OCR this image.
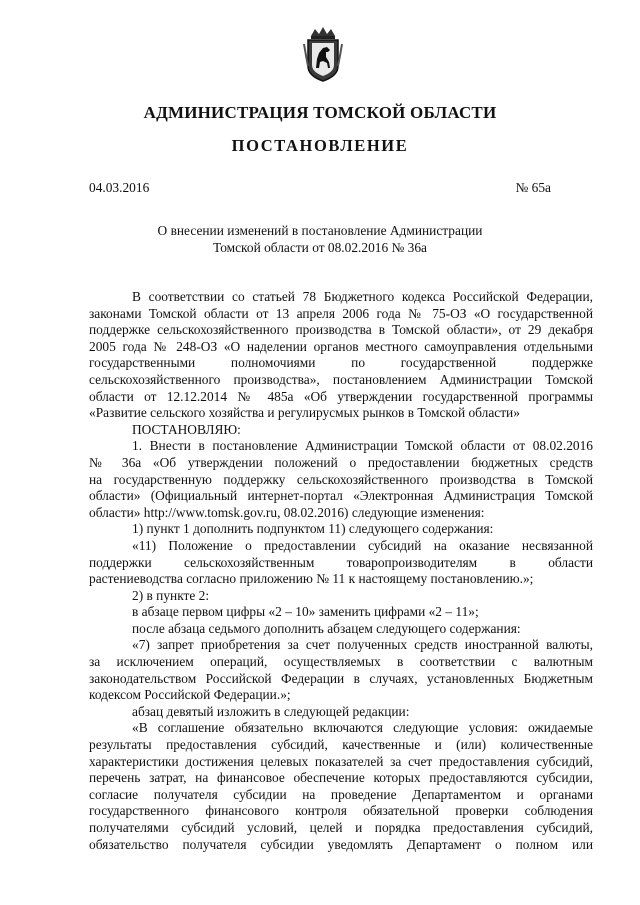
АДМИНИСТРАЦИЯ ТОМСКОЙ ОБЛАСТИ
ПОСТАНОВЛЕНИЕ
04.03.2016	№ 65а
О внесении изменений в постановление Администрации
Томской области от 08.02.2016 № 36а

В соответствии со статьей 78 Бюджетного кодекса Российской Федерации,

законами Томской области от 13 апреля 2006 года № 75-ОЗ «О государственной

поддержке сельскохозяйственного производства в Томской области», от 29 декабря

2005 года № 248-ОЗ «О наделении органов местного самоуправления отдельными

государственными полномочиями по государственной поддержке

сельскохозяйственного производства», постановлением Администрации Томской

области от 12.12.2014 № 485а «Об утверждении государственной программы

«Развитие сельского хозяйства и регулирусмых рынков в Томской области»

ПОСТАНОВЛЯЮ:

1. Внести в постановление Администрации Томской области от 08.02.2016

№ 36а «Об утверждении положений о предоставлении бюджетных средств

на государственную поддержку сельскохозяйственного производства в Томской

области» (Официальный интернет-портал «Электронная Администрация Томской

области» http://www.tomsk.gov.ru, 08.02.2016) следующие изменения:

1) пункт 1 дополнить подпунктом 11) следующего содержания:

«11) Положение о предоставлении субсидий на оказание несвязанной

поддержки сельскохозяйственным товаропроизводителям в области

растениеводства согласно приложению № 11 к настоящему постановлению.»;

2) в пункте 2:

в абзаце первом цифры «2 – 10» заменить цифрами «2 – 11»;

после абзаца седьмого дополнить абзацем следующего содержания:

«7) запрет приобретения за счет полученных средств иностранной валюты,

за исключением операций, осуществляемых в соответствии с валютным

законодательством Российской Федерации в случаях, установленных Бюджетным

кодексом Российской Федерации.»;

абзац девятый изложить в следующей редакции:

«В соглашение обязательно включаются следующие условия: ожидаемые

результаты предоставления субсидий, качественные и (или) количественные

характеристики достижения целевых показателей за счет предоставления субсидий,

перечень затрат, на финансовое обеспечение которых предоставляются субсидии,

согласие получателя субсидии на проведение Департаментом и органами

государственного финансового контроля обязательной проверки соблюдения

получателями субсидий условий, целей и порядка предоставления субсидий,

обязательство получателя субсидии уведомлять Департамент о полном или
